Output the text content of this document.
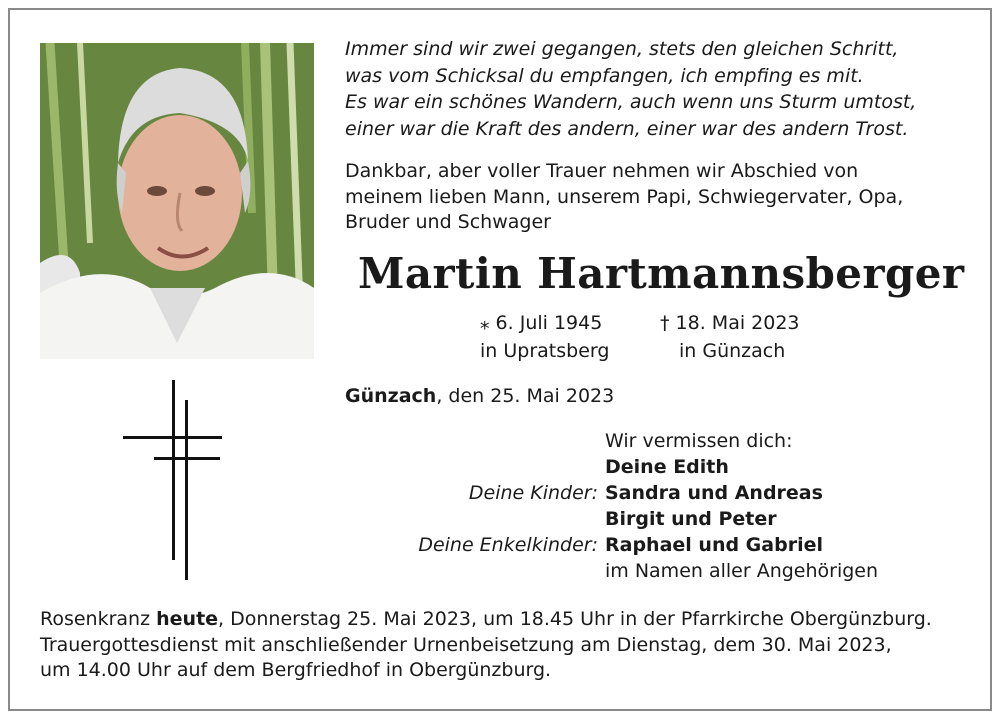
Immer sind wir zwei gegangen, stets den gleichen Schritt,
was vom Schicksal du empfangen, ich empfing es mit.
Es war ein schönes Wandern, auch wenn uns Sturm umtost,
einer war die Kraft des andern, einer war des andern Trost.
Dankbar, aber voller Trauer nehmen wir Abschied von
meinem lieben Mann, unserem Papi, Schwiegervater, Opa,
Bruder und Schwager
Martin Hartmannsberger
⁎ 6. Juli 1945
in Upratsberg
† 18. Mai 2023
in Günzach
Günzach, den 25. Mai 2023
Wir vermissen dich:
Deine Edith
Deine Kinder: Sandra und Andreas
Birgit und Peter
Deine Enkelkinder: Raphael und Gabriel
im Namen aller Angehörigen
Rosenkranz heute, Donnerstag 25. Mai 2023, um 18.45 Uhr in der Pfarrkirche Obergünzburg.
Trauergottesdienst mit anschließender Urnenbeisetzung am Dienstag, dem 30. Mai 2023,
um 14.00 Uhr auf dem Bergfriedhof in Obergünzburg.
